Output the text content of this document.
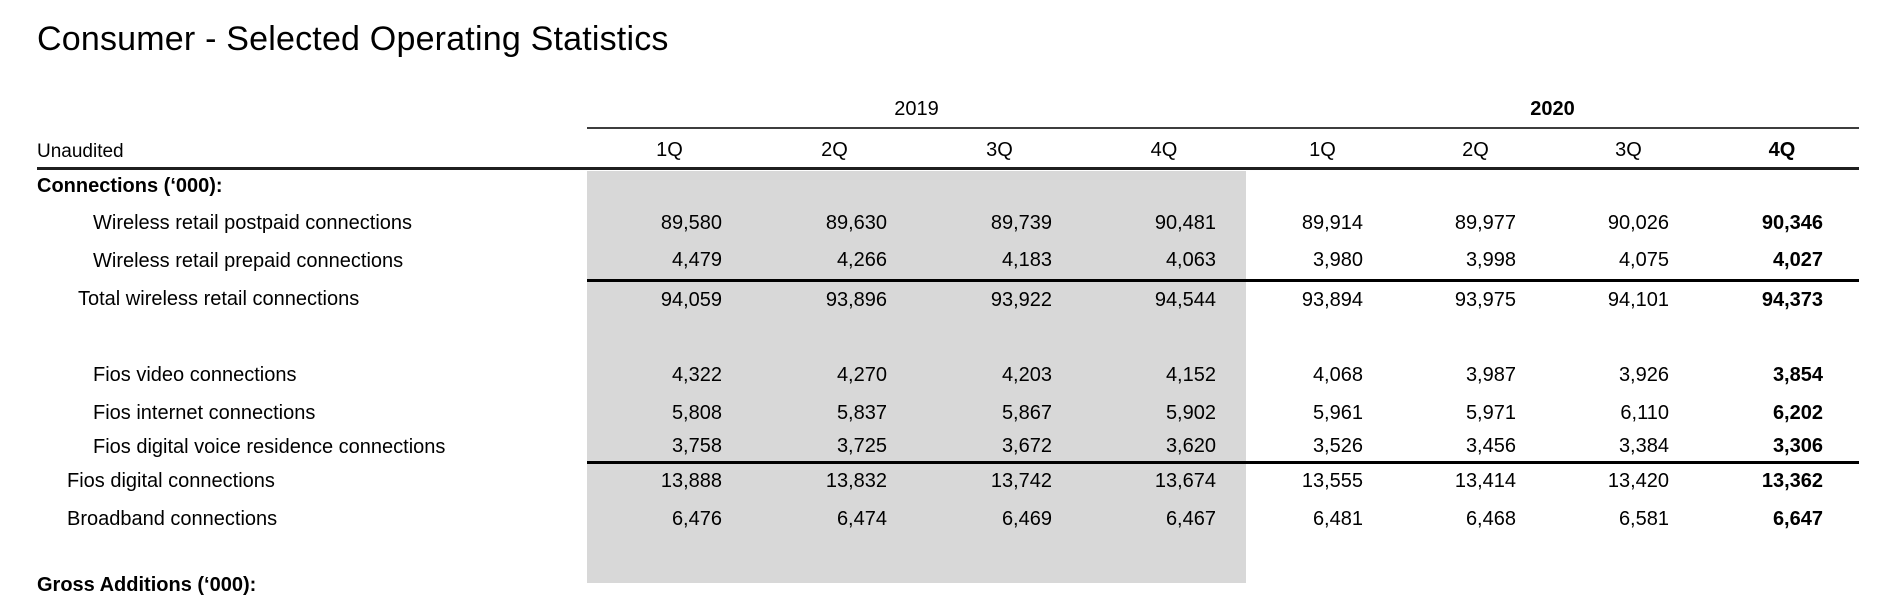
Consumer - Selected Operating Statistics
	2019				2020			
Unaudited	1Q	2Q	3Q	4Q	1Q	2Q	3Q	4Q
Connections (‘000):								
Wireless retail postpaid connections	89,580	89,630	89,739	90,481	89,914	89,977	90,026	90,346
Wireless retail prepaid connections	4,479	4,266	4,183	4,063	3,980	3,998	4,075	4,027
Total wireless retail connections	94,059	93,896	93,922	94,544	93,894	93,975	94,101	94,373

Fios video connections	4,322	4,270	4,203	4,152	4,068	3,987	3,926	3,854
Fios internet connections	5,808	5,837	5,867	5,902	5,961	5,971	6,110	6,202
Fios digital voice residence connections	3,758	3,725	3,672	3,620	3,526	3,456	3,384	3,306
Fios digital connections	13,888	13,832	13,742	13,674	13,555	13,414	13,420	13,362
Broadband connections	6,476	6,474	6,469	6,467	6,481	6,468	6,581	6,647

Gross Additions (‘000):								
